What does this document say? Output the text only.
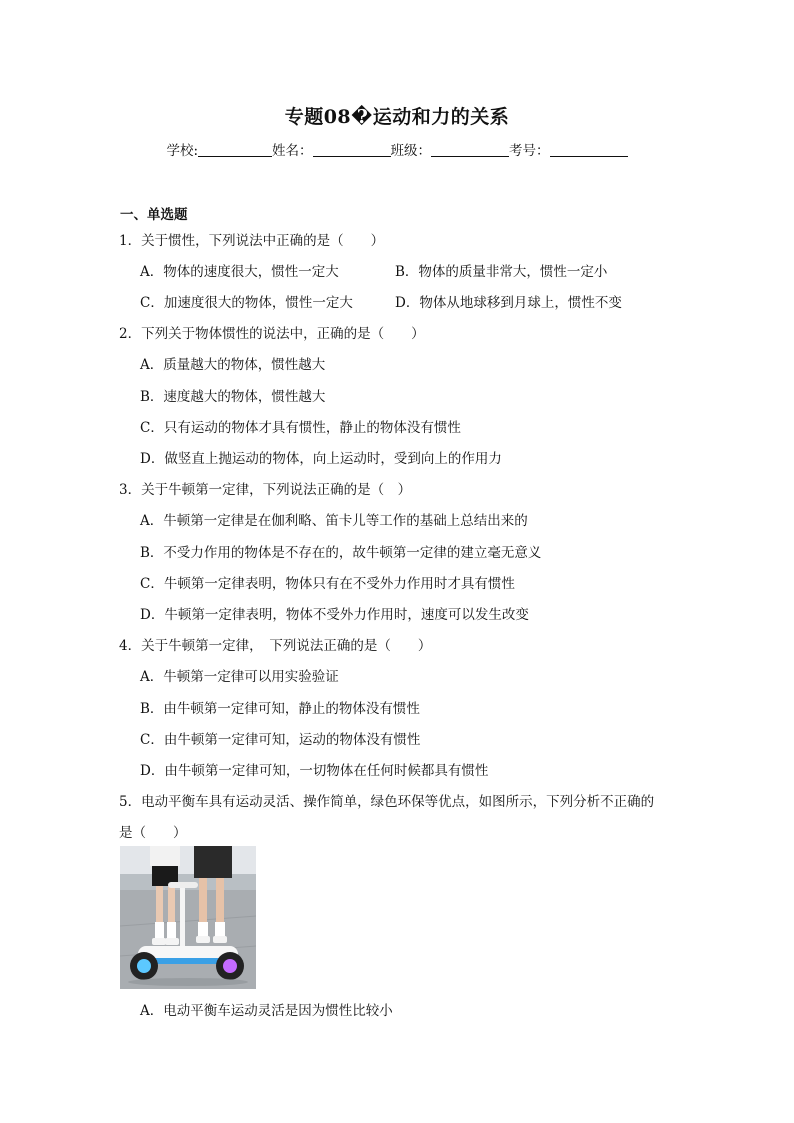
专题08�运动和力的关系
学校:	姓名：	班级：	考号：
一、单选题
1．关于惯性，下列说法中正确的是（　　）
A．物体的速度很大，惯性一定大	B．物体的质量非常大，惯性一定小
C．加速度很大的物体，惯性一定大	D．物体从地球移到月球上，惯性不变
2．下列关于物体惯性的说法中，正确的是（　　）
A．质量越大的物体，惯性越大
B．速度越大的物体，惯性越大
C．只有运动的物体才具有惯性，静止的物体没有惯性
D．做竖直上抛运动的物体，向上运动时，受到向上的作用力
3．关于牛顿第一定律，下列说法正确的是（　）
A．牛顿第一定律是在伽利略、笛卡儿等工作的基础上总结出来的
B．不受力作用的物体是不存在的，故牛顿第一定律的建立毫无意义
C．牛顿第一定律表明，物体只有在不受外力作用时才具有惯性
D．牛顿第一定律表明，物体不受外力作用时，速度可以发生改变
4．关于牛顿第一定律，　下列说法正确的是（　　）
A．牛顿第一定律可以用实验验证
B．由牛顿第一定律可知，静止的物体没有惯性
C．由牛顿第一定律可知，运动的物体没有惯性
D．由牛顿第一定律可知，一切物体在任何时候都具有惯性
5．电动平衡车具有运动灵活、操作简单，绿色环保等优点，如图所示，下列分析不正确的
是（　　）
A．电动平衡车运动灵活是因为惯性比较小
